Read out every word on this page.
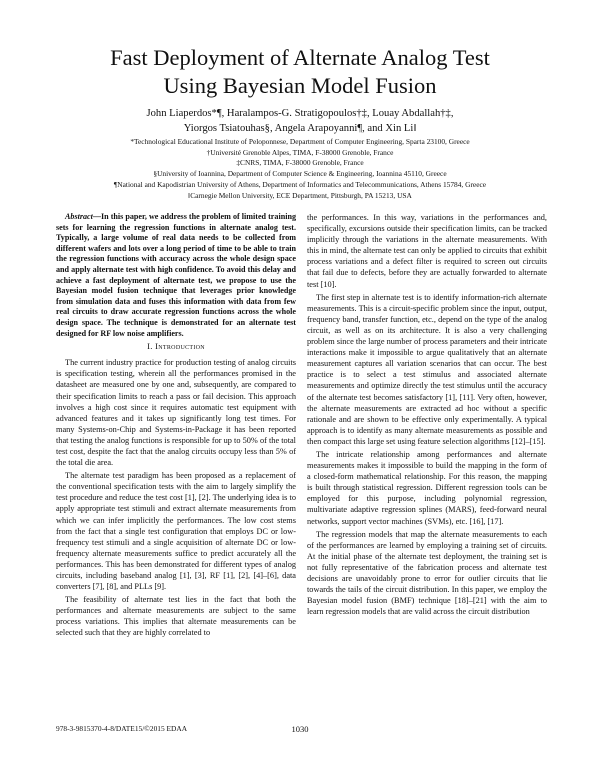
Fast Deployment of Alternate Analog Test
Using Bayesian Model Fusion
John Liaperdos*¶, Haralampos-G. Stratigopoulos†‡, Louay Abdallah†‡,
Yiorgos Tsiatouhas§, Angela Arapoyanni¶, and Xin Li‖
*Technological Educational Institute of Peloponnese, Department of Computer Engineering, Sparta 23100, Greece
†Université Grenoble Alpes, TIMA, F-38000 Grenoble, France
‡CNRS, TIMA, F-38000 Grenoble, France
§University of Ioannina, Department of Computer Science & Engineering, Ioannina 45110, Greece
¶National and Kapodistrian University of Athens, Department of Informatics and Telecommunications, Athens 15784, Greece
‖Carnegie Mellon University, ECE Department, Pittsburgh, PA 15213, USA

Abstract—In this paper, we address the problem of limited training sets for learning the regression functions in alternate analog test. Typically, a large volume of real data needs to be collected from different wafers and lots over a long period of time to be able to train the regression functions with accuracy across the whole design space and apply alternate test with high confidence. To avoid this delay and achieve a fast deployment of alternate test, we propose to use the Bayesian model fusion technique that leverages prior knowledge from simulation data and fuses this information with data from few real circuits to draw accurate regression functions across the whole design space. The technique is demonstrated for an alternate test designed for RF low noise amplifiers.

I. Introduction

The current industry practice for production testing of analog circuits is specification testing, wherein all the performances promised in the datasheet are measured one by one and, subsequently, are compared to their specification limits to reach a pass or fail decision. This approach involves a high cost since it requires automatic test equipment with advanced features and it takes up significantly long test times. For many Systems-on-Chip and Systems-in-Package it has been reported that testing the analog functions is responsible for up to 50% of the total test cost, despite the fact that the analog circuits occupy less than 5% of the total die area.

The alternate test paradigm has been proposed as a replacement of the conventional specification tests with the aim to largely simplify the test procedure and reduce the test cost [1], [2]. The underlying idea is to apply appropriate test stimuli and extract alternate measurements from which we can infer implicitly the performances. The low cost stems from the fact that a single test configuration that employs DC or low-frequency test stimuli and a single acquisition of alternate DC or low-frequency alternate measurements suffice to predict accurately all the performances. This has been demonstrated for different types of analog circuits, including baseband analog [1], [3], RF [1], [2], [4]–[6], data converters [7], [8], and PLLs [9].

The feasibility of alternate test lies in the fact that both the performances and alternate measurements are subject to the same process variations. This implies that alternate measurements can be selected such that they are highly correlated to

the performances. In this way, variations in the performances and, specifically, excursions outside their specification limits, can be tracked implicitly through the variations in the alternate measurements. With this in mind, the alternate test can only be applied to circuits that exhibit process variations and a defect filter is required to screen out circuits that fail due to defects, before they are actually forwarded to alternate test [10].

The first step in alternate test is to identify information-rich alternate measurements. This is a circuit-specific problem since the input, output, frequency band, transfer function, etc., depend on the type of the analog circuit, as well as on its architecture. It is also a very challenging problem since the large number of process parameters and their intricate interactions make it impossible to argue qualitatively that an alternate measurement captures all variation scenarios that can occur. The best practice is to select a test stimulus and associated alternate measurements and optimize directly the test stimulus until the accuracy of the alternate test becomes satisfactory [1], [11]. Very often, however, the alternate measurements are extracted ad hoc without a specific rationale and are shown to be effective only experimentally. A typical approach is to identify as many alternate measurements as possible and then compact this large set using feature selection algorithms [12]–[15].

The intricate relationship among performances and alternate measurements makes it impossible to build the mapping in the form of a closed-form mathematical relationship. For this reason, the mapping is built through statistical regression. Different regression tools can be employed for this purpose, including polynomial regression, multivariate adaptive regression splines (MARS), feed-forward neural networks, support vector machines (SVMs), etc. [16], [17].

The regression models that map the alternate measurements to each of the performances are learned by employing a training set of circuits. At the initial phase of the alternate test deployment, the training set is not fully representative of the fabrication process and alternate test decisions are unavoidably prone to error for outlier circuits that lie towards the tails of the circuit distribution. In this paper, we employ the Bayesian model fusion (BMF) technique [18]–[21] with the aim to learn regression models that are valid across the circuit distribution

978-3-9815370-4-8/DATE15/©2015 EDAA	1030
